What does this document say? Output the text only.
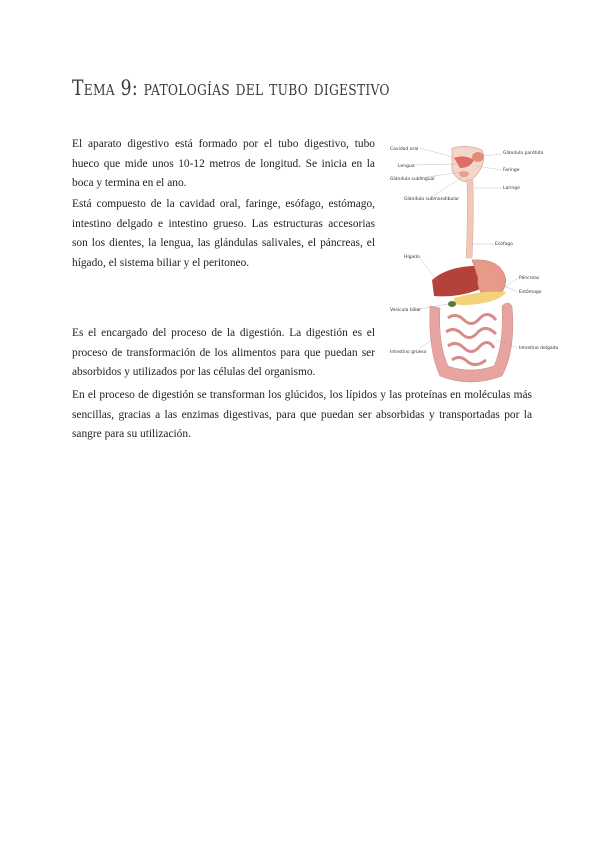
Tema 9: patologías del tubo digestivo

El aparato digestivo está formado por el tubo digestivo, tubo hueco que mide unos 10-12 metros de longitud. Se inicia en la boca y termina en el ano.

Está compuesto de la cavidad oral, faringe, esófago, estómago, intestino delgado e intestino grueso. Las estructuras accesorias son los dientes, la lengua, las glándulas salivales, el páncreas, el hígado, el sistema biliar y el peritoneo.

Es el encargado del proceso de la digestión. La digestión es el proceso de transformación de los alimentos para que puedan ser absorbidos y utilizados por las células del organismo.

En el proceso de digestión se transforman los glúcidos, los lípidos y las proteínas en moléculas más sencillas, gracias a las enzimas digestivas, para que puedan ser absorbidas y transportadas por la sangre para su utilización.

Cavidad oral
Lengua
Glándula sublingual
Glándula submandibular
Glándula parótida
Faringe
Laringe
Esófago
Hígado
Páncreas
Estómago
Vesícula biliar
Intestino delgado
Intestino grueso
